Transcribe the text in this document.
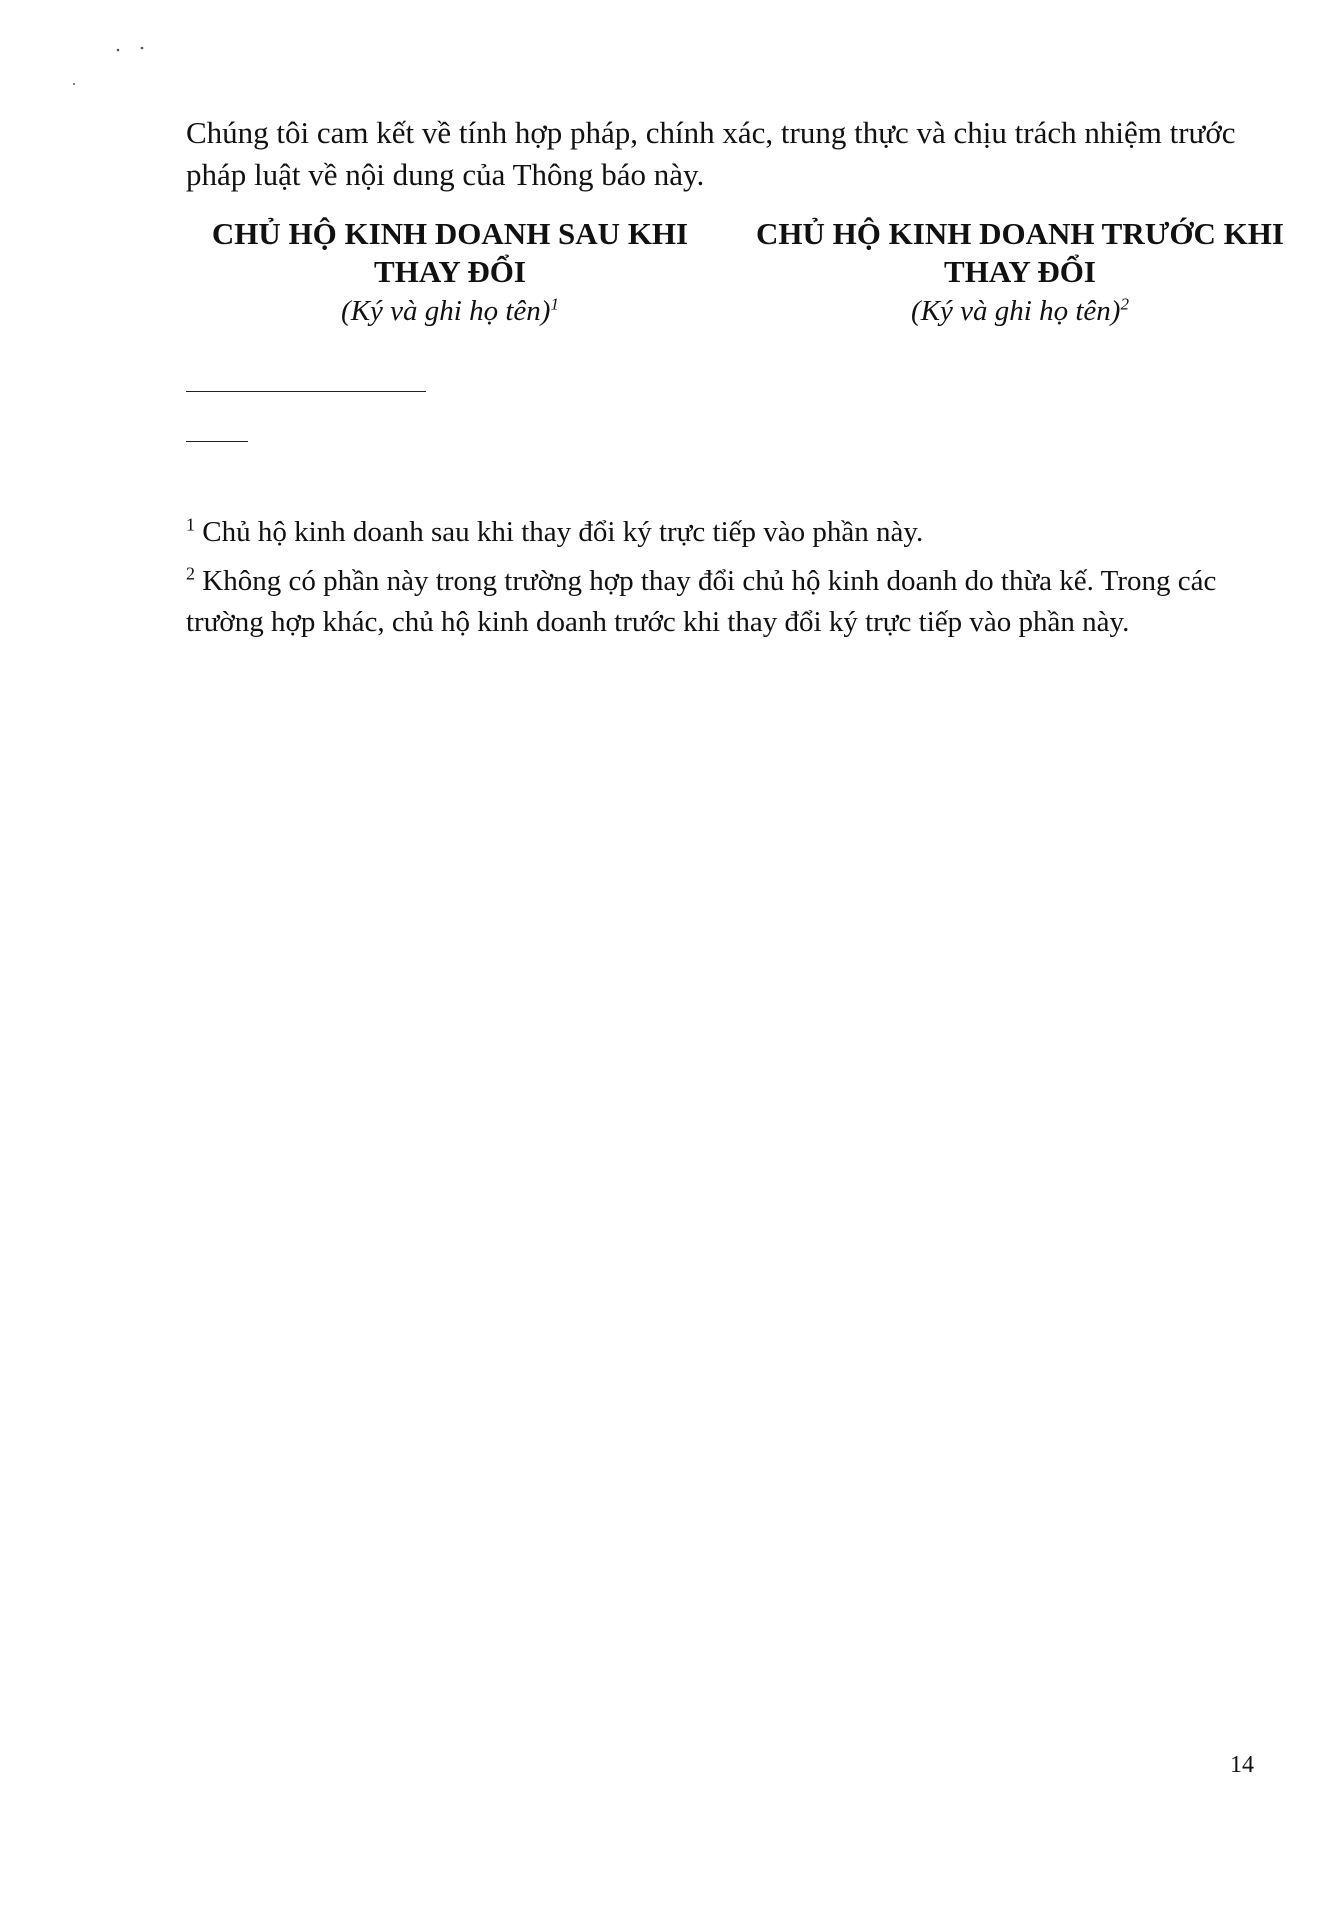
Chúng tôi cam kết về tính hợp pháp, chính xác, trung thực và chịu trách nhiệm trước pháp luật về nội dung của Thông báo này.

CHỦ HỘ KINH DOANH SAU KHI THAY ĐỔI

(Ký và ghi họ tên)$^1$

CHỦ HỘ KINH DOANH TRƯỚC KHI THAY ĐỔI

(Ký và ghi họ tên)$^2$

$^1$ Chủ hộ kinh doanh sau khi thay đổi ký trực tiếp vào phần này.

$^2$ Không có phần này trong trường hợp thay đổi chủ hộ kinh doanh do thừa kế. Trong các trường hợp khác, chủ hộ kinh doanh trước khi thay đổi ký trực tiếp vào phần này.

14
